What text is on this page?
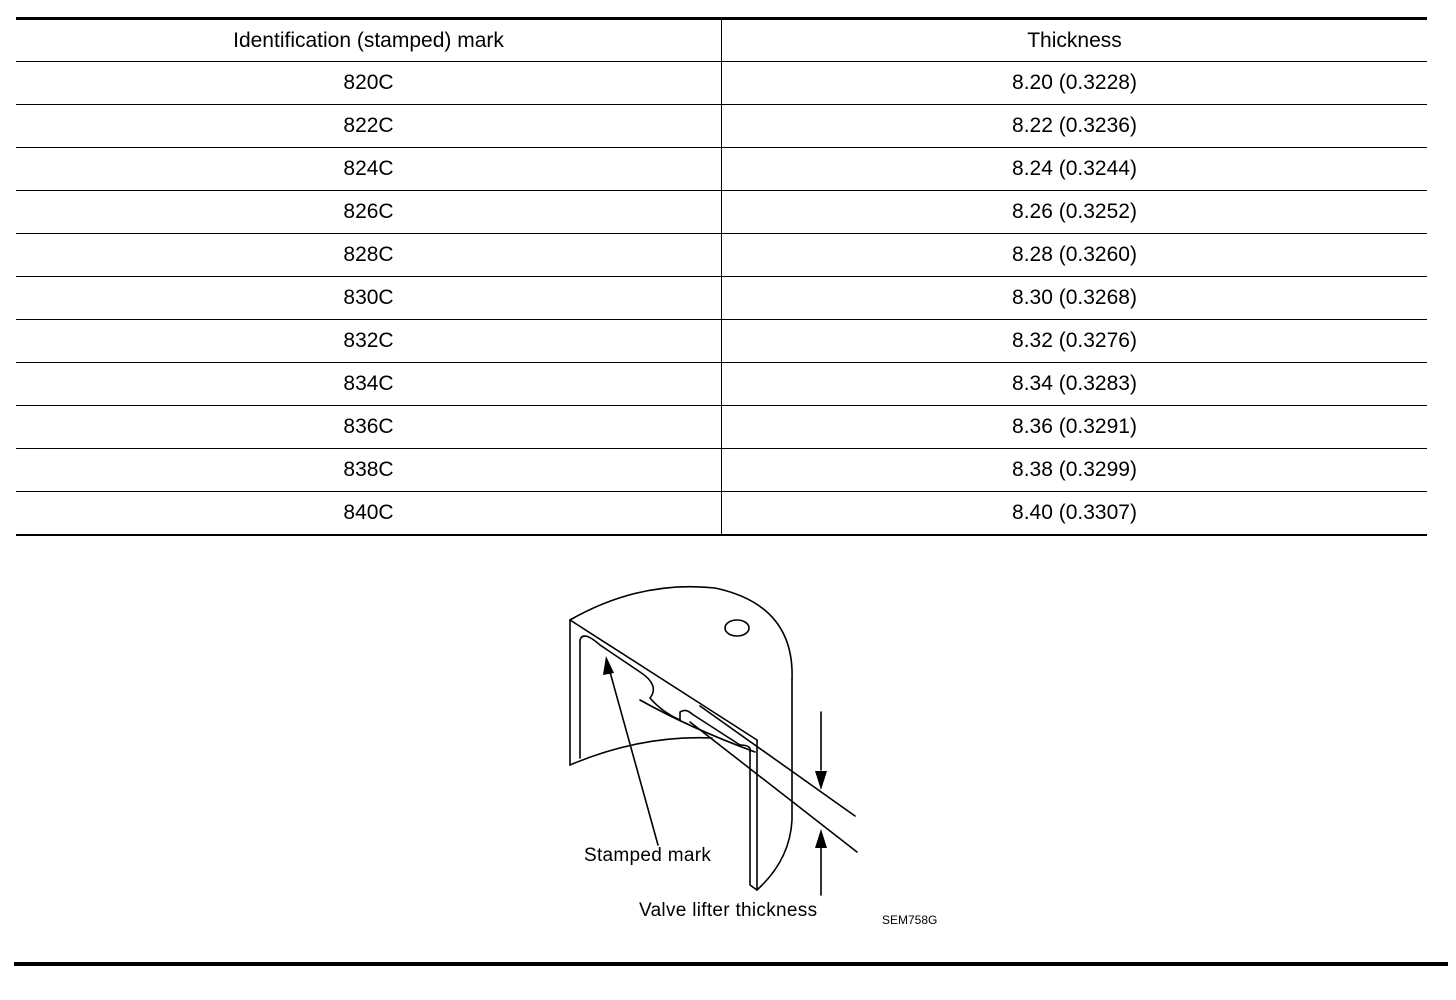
Identification (stamped) mark	Thickness
820C	8.20 (0.3228)
822C	8.22 (0.3236)
824C	8.24 (0.3244)
826C	8.26 (0.3252)
828C	8.28 (0.3260)
830C	8.30 (0.3268)
832C	8.32 (0.3276)
834C	8.34 (0.3283)
836C	8.36 (0.3291)
838C	8.38 (0.3299)
840C	8.40 (0.3307)
Stamped mark
Valve lifter thickness	SEM758G
